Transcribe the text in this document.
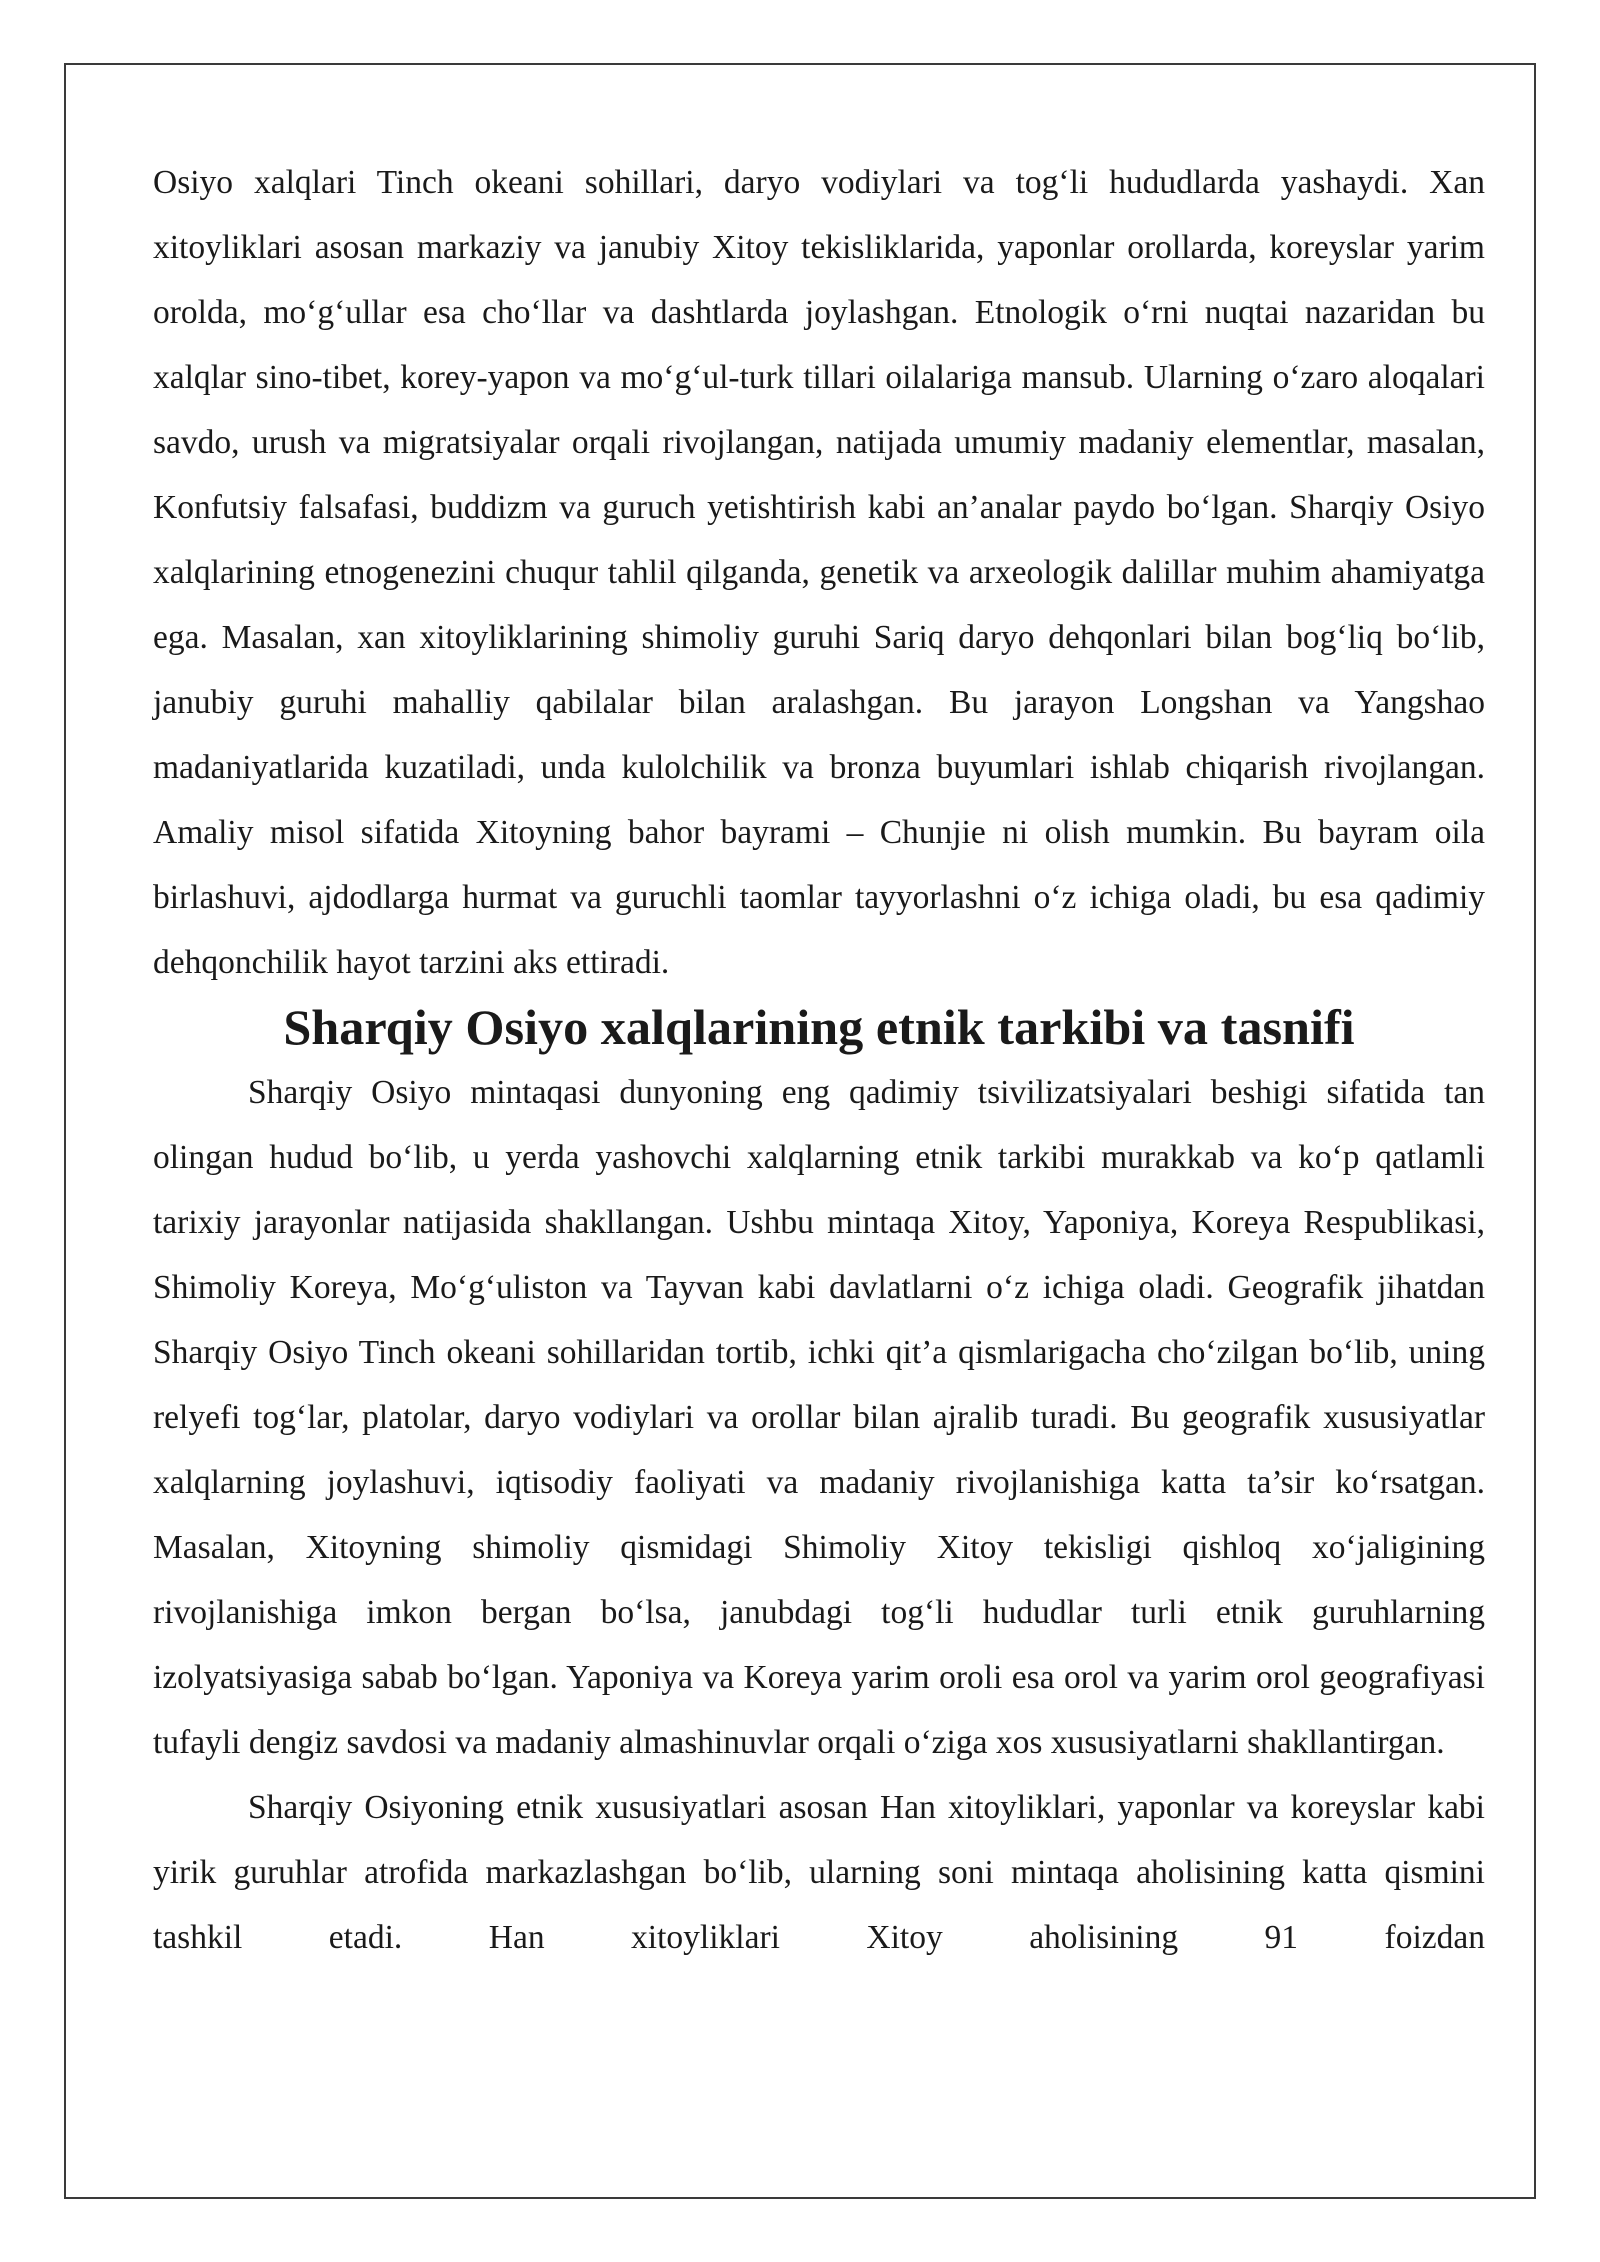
Osiyo xalqlari Tinch okeani sohillari, daryo vodiylari va tog‘li hududlarda yashaydi. Xan xitoyliklari asosan markaziy va janubiy Xitoy tekisliklarida, yaponlar orollarda, koreyslar yarim orolda, mo‘g‘ullar esa cho‘llar va dashtlarda joylashgan. Etnologik o‘rni nuqtai nazaridan bu xalqlar sino-tibet, korey-yapon va mo‘g‘ul-turk tillari oilalariga mansub. Ularning o‘zaro aloqalari savdo, urush va migratsiyalar orqali rivojlangan, natijada umumiy madaniy elementlar, masalan, Konfutsiy falsafasi, buddizm va guruch yetishtirish kabi an’analar paydo bo‘lgan. Sharqiy Osiyo xalqlarining etnogenezini chuqur tahlil qilganda, genetik va arxeologik dalillar muhim ahamiyatga ega. Masalan, xan xitoyliklarining shimoliy guruhi Sariq daryo dehqonlari bilan bog‘liq bo‘lib, janubiy guruhi mahalliy qabilalar bilan aralashgan. Bu jarayon Longshan va Yangshao madaniyatlarida kuzatiladi, unda kulolchilik va bronza buyumlari ishlab chiqarish rivojlangan. Amaliy misol sifatida Xitoyning bahor bayrami – Chunjie ni olish mumkin. Bu bayram oila birlashuvi, ajdodlarga hurmat va guruchli taomlar tayyorlashni o‘z ichiga oladi, bu esa qadimiy dehqonchilik hayot tarzini aks ettiradi.

Sharqiy Osiyo xalqlarining etnik tarkibi va tasnifi

Sharqiy Osiyo mintaqasi dunyoning eng qadimiy tsivilizatsiyalari beshigi sifatida tan olingan hudud bo‘lib, u yerda yashovchi xalqlarning etnik tarkibi murakkab va ko‘p qatlamli tarixiy jarayonlar natijasida shakllangan. Ushbu mintaqa Xitoy, Yaponiya, Koreya Respublikasi, Shimoliy Koreya, Mo‘g‘uliston va Tayvan kabi davlatlarni o‘z ichiga oladi. Geografik jihatdan Sharqiy Osiyo Tinch okeani sohillaridan tortib, ichki qit’a qismlarigacha cho‘zilgan bo‘lib, uning relyefi tog‘lar, platolar, daryo vodiylari va orollar bilan ajralib turadi. Bu geografik xususiyatlar xalqlarning joylashuvi, iqtisodiy faoliyati va madaniy rivojlanishiga katta ta’sir ko‘rsatgan. Masalan, Xitoyning shimoliy qismidagi Shimoliy Xitoy tekisligi qishloq xo‘jaligining rivojlanishiga imkon bergan bo‘lsa, janubdagi tog‘li hududlar turli etnik guruhlarning izolyatsiyasiga sabab bo‘lgan. Yaponiya va Koreya yarim oroli esa orol va yarim orol geografiyasi tufayli dengiz savdosi va madaniy almashinuvlar orqali o‘ziga xos xususiyatlarni shakllantirgan.

Sharqiy Osiyoning etnik xususiyatlari asosan Han xitoyliklari, yaponlar va koreyslar kabi yirik guruhlar atrofida markazlashgan bo‘lib, ularning soni mintaqa aholisining katta qismini tashkil etadi. Han xitoyliklari Xitoy aholisining 91 foizdan
